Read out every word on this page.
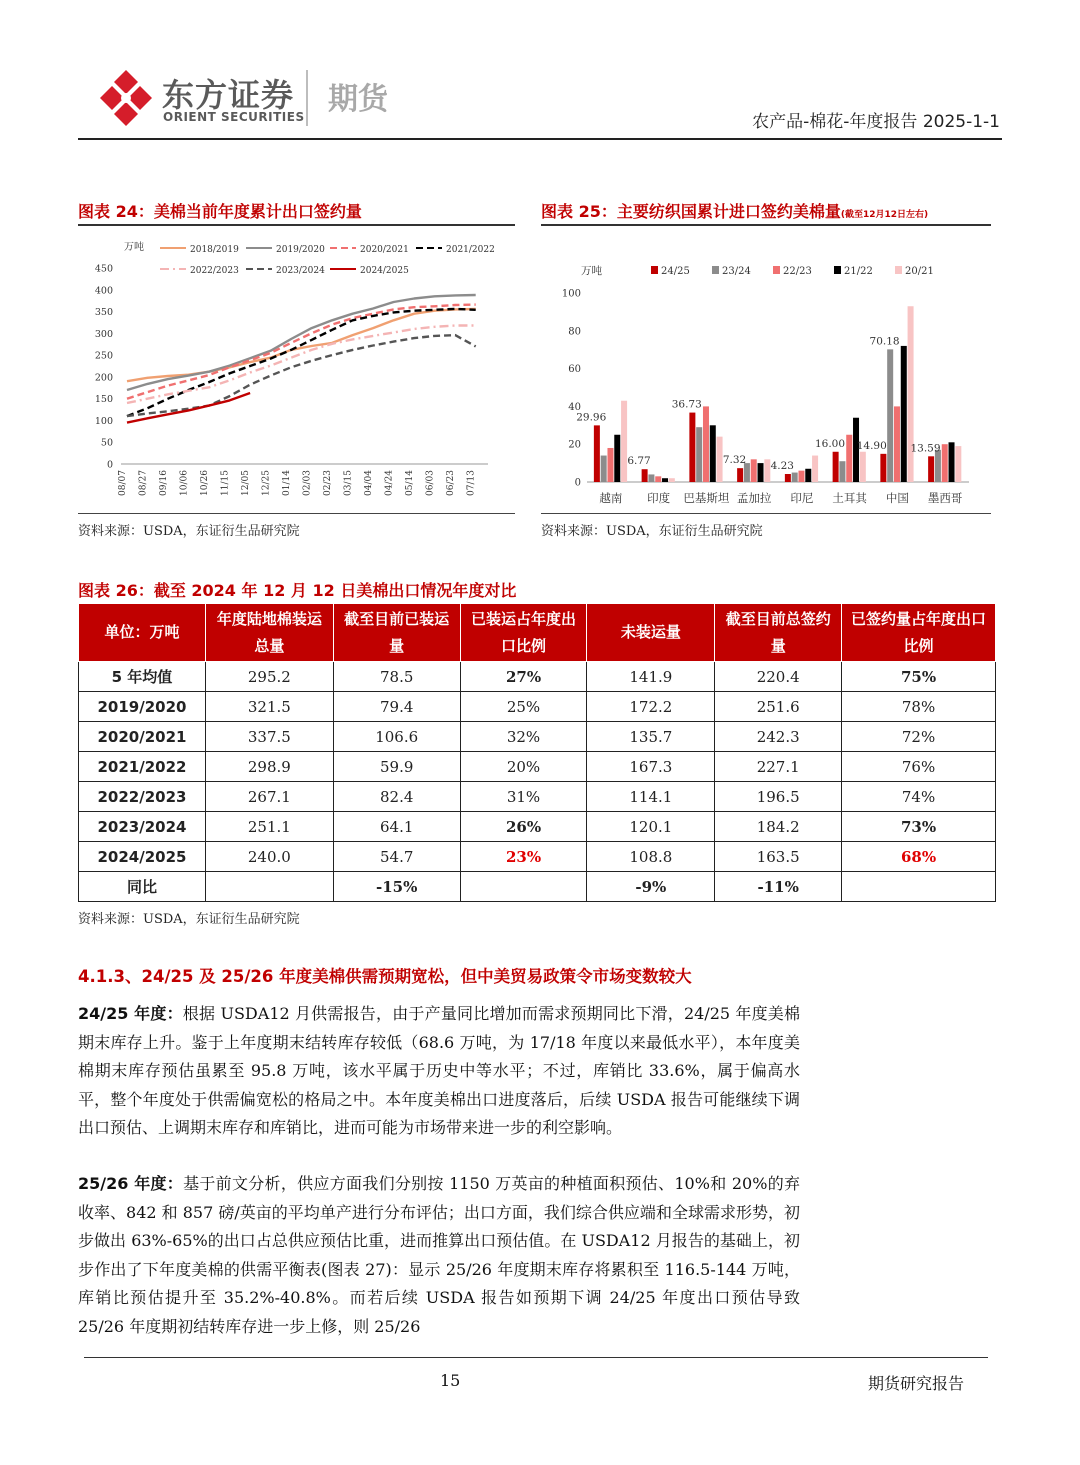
东方证券
ORIENT SECURITIES 期货
农产品-棉花-年度报告 2025-1-1
图表 24：美棉当前年度累计出口签约量
万吨
450
400
350
300
250
200
150
100
50
0
08/07 08/27 09/16 10/06 10/26 11/15 12/05 12/25 01/14 02/03 02/23 03/15 04/04 04/24 05/14 06/03 06/23 07/13
2018/2019	2019/2020	2020/2021	2021/2022
2022/2023	2023/2024	2024/2025
资料来源：USDA，东证衍生品研究院
图表 25：主要纺织国累计进口签约美棉量(截至12月12日左右)
万吨
100
80
60
40
20
0
24/25	23/24	22/23	21/22	20/21
越南 印度 巴基斯坦 孟加拉 印尼 土耳其 中国 墨西哥
29.96
6.77
36.73
7.32 4.23
16.00
70.18
14.90 13.59
资料来源：USDA，东证衍生品研究院
图表 26：截至 2024 年 12 月 12 日美棉出口情况年度对比
单位：万吨	年度陆地棉装运总量	截至目前已装运量	已装运占年度出口比例	未装运量	截至目前总签约量	已签约量占年度出口比例
5 年均值	295.2	78.5	27%	141.9	220.4	75%
2019/2020	321.5	79.4	25%	172.2	251.6	78%
2020/2021	337.5	106.6	32%	135.7	242.3	72%
2021/2022	298.9	59.9	20%	167.3	227.1	76%
2022/2023	267.1	82.4	31%	114.1	196.5	74%
2023/2024	251.1	64.1	26%	120.1	184.2	73%
2024/2025	240.0	54.7	23%	108.8	163.5	68%
同比		-15%		-9%	-11%	
资料来源：USDA，东证衍生品研究院
4.1.3、24/25 及 25/26 年度美棉供需预期宽松，但中美贸易政策令市场变数较大
24/25 年度：根据 USDA12 月供需报告，由于产量同比增加而需求预期同比下滑，24/25 年度美棉期末库存上升。鉴于上年度期末结转库存较低（68.6 万吨，为 17/18 年度以来最低水平），本年度美棉期末库存预估虽累至 95.8 万吨，该水平属于历史中等水平；不过，库销比 33.6%，属于偏高水平，整个年度处于供需偏宽松的格局之中。本年度美棉出口进度落后，后续 USDA 报告可能继续下调出口预估、上调期末库存和库销比，进而可能为市场带来进一步的利空影响。
25/26 年度：基于前文分析，供应方面我们分别按 1150 万英亩的种植面积预估、10%和 20%的弃收率、842 和 857 磅/英亩的平均单产进行分布评估；出口方面，我们综合供应端和全球需求形势，初步做出 63%-65%的出口占总供应预估比重，进而推算出口预估值。在 USDA12 月报告的基础上，初步作出了下年度美棉的供需平衡表(图表 27)：显示 25/26 年度期末库存将累积至 116.5-144 万吨，库销比预估提升至 35.2%-40.8%。而若后续 USDA 报告如预期下调 24/25 年度出口预估导致 25/26 年度期初结转库存进一步上修，则 25/26
15	期货研究报告
